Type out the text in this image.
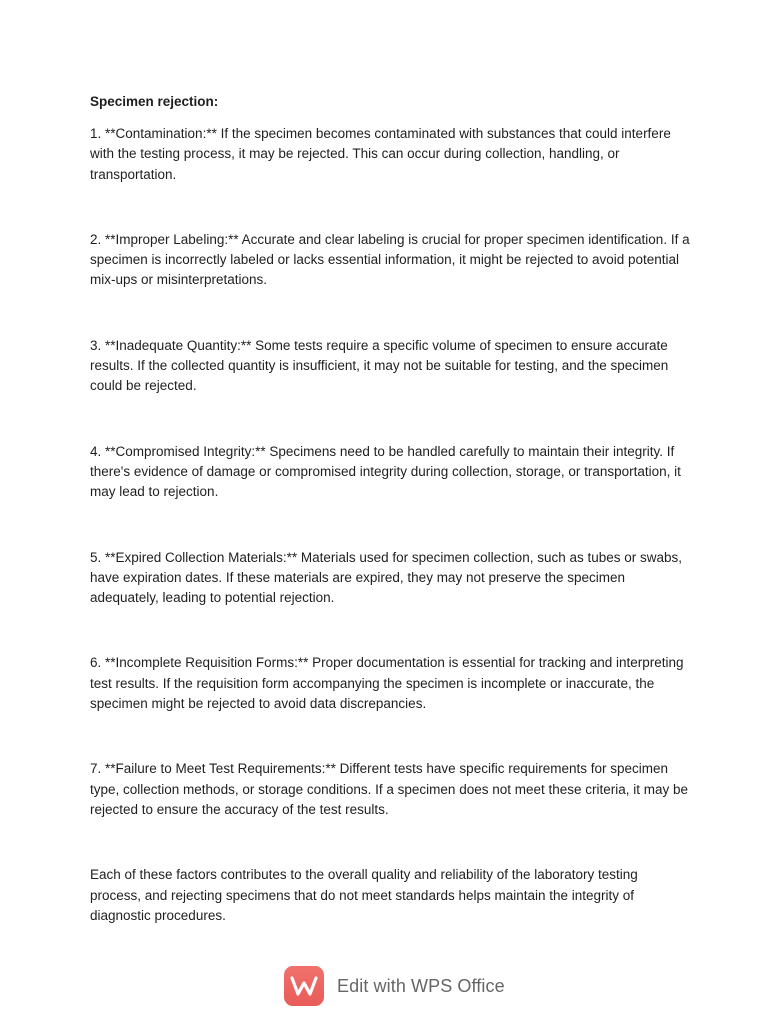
Specimen rejection:

1. **Contamination:** If the specimen becomes contaminated with substances that could interfere with the testing process, it may be rejected. This can occur during collection, handling, or transportation.

2. **Improper Labeling:** Accurate and clear labeling is crucial for proper specimen identification. If a specimen is incorrectly labeled or lacks essential information, it might be rejected to avoid potential mix-ups or misinterpretations.

3. **Inadequate Quantity:** Some tests require a specific volume of specimen to ensure accurate results. If the collected quantity is insufficient, it may not be suitable for testing, and the specimen could be rejected.

4. **Compromised Integrity:** Specimens need to be handled carefully to maintain their integrity. If there's evidence of damage or compromised integrity during collection, storage, or transportation, it may lead to rejection.

5. **Expired Collection Materials:** Materials used for specimen collection, such as tubes or swabs, have expiration dates. If these materials are expired, they may not preserve the specimen adequately, leading to potential rejection.

6. **Incomplete Requisition Forms:** Proper documentation is essential for tracking and interpreting test results. If the requisition form accompanying the specimen is incomplete or inaccurate, the specimen might be rejected to avoid data discrepancies.

7. **Failure to Meet Test Requirements:** Different tests have specific requirements for specimen type, collection methods, or storage conditions. If a specimen does not meet these criteria, it may be rejected to ensure the accuracy of the test results.

Each of these factors contributes to the overall quality and reliability of the laboratory testing process, and rejecting specimens that do not meet standards helps maintain the integrity of diagnostic procedures.

Edit with WPS Office
